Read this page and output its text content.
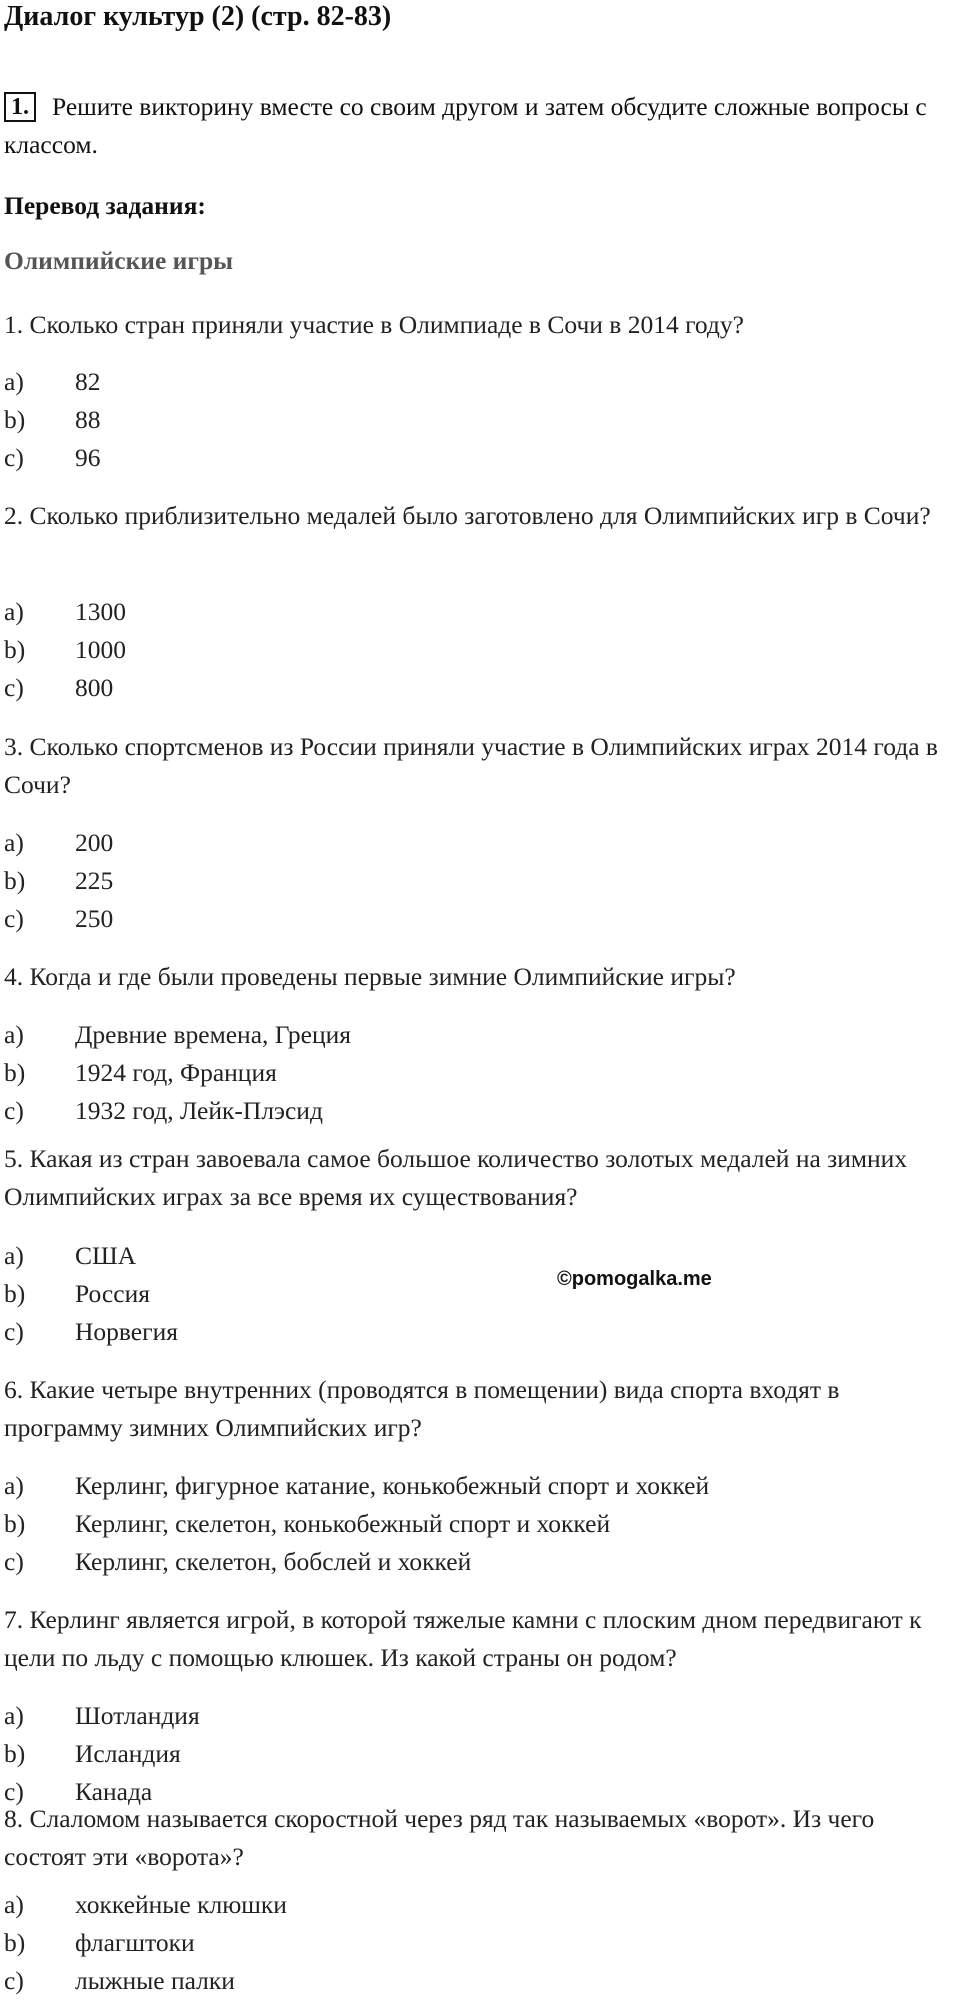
Диалог культур (2) (стр. 82-83)
1. Решите викторину вместе со своим другом и затем обсудите сложные вопросы с классом.
Перевод задания:
Олимпийские игры
1. Сколько стран приняли участие в Олимпиаде в Сочи в 2014 году?
a) 82
b) 88
c) 96
2. Сколько приблизительно медалей было заготовлено для Олимпийских игр в Сочи?
a) 1300
b) 1000
c) 800
3. Сколько спортсменов из России приняли участие в Олимпийских играх 2014 года в Сочи?
a) 200
b) 225
c) 250
4. Когда и где были проведены первые зимние Олимпийские игры?
a) Древние времена, Греция
b) 1924 год, Франция
c) 1932 год, Лейк-Плэсид
5. Какая из стран завоевала самое большое количество золотых медалей на зимних Олимпийских играх за все время их существования?
a) США
b) Россия
c) Норвегия
6. Какие четыре внутренних (проводятся в помещении) вида спорта входят в программу зимних Олимпийских игр?
a) Керлинг, фигурное катание, конькобежный спорт и хоккей
b) Керлинг, скелетон, конькобежный спорт и хоккей
c) Керлинг, скелетон, бобслей и хоккей
7. Керлинг является игрой, в которой тяжелые камни с плоским дном передвигают к цели по льду с помощью клюшек. Из какой страны он родом?
a) Шотландия
b) Исландия
c) Канада
8. Слаломом называется скоростной через ряд так называемых «ворот». Из чего состоят эти «ворота»?
a) хоккейные клюшки
b) флагштоки
c) лыжные палки
©pomogalka.me
